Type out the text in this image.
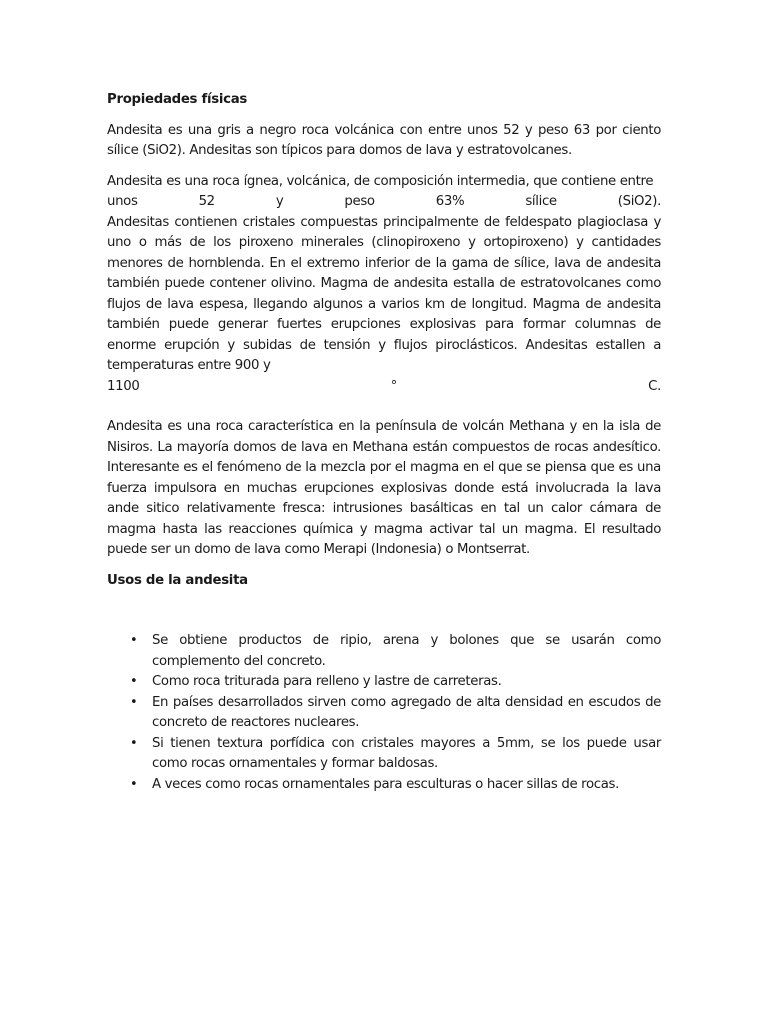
Propiedades físicas

Andesita es una gris a negro roca volcánica con entre unos 52 y peso 63 por ciento sílice (SiO2). Andesitas son típicos para domos de lava y estratovolcanes.

Andesita es una roca ígnea, volcánica, de composición intermedia, que contiene entre
unos 52 y peso 63% sílice (SiO2).
Andesitas contienen cristales compuestas principalmente de feldespato plagioclasa y uno o más de los piroxeno minerales (clinopiroxeno y ortopiroxeno) y cantidades menores de hornblenda. En el extremo inferior de la gama de sílice, lava de andesita también puede contener olivino. Magma de andesita estalla de estratovolcanes como flujos de lava espesa, llegando algunos a varios km de longitud. Magma de andesita también puede generar fuertes erupciones explosivas para formar columnas de enorme erupción y subidas de tensión y flujos piroclásticos. Andesitas estallen a temperaturas entre 900 y
1100 ° C.

Andesita es una roca característica en la península de volcán Methana y en la isla de Nisiros. La mayoría domos de lava en Methana están compuestos de rocas andesítico. Interesante es el fenómeno de la mezcla por el magma en el que se piensa que es una fuerza impulsora en muchas erupciones explosivas donde está involucrada la lava ande sitico relativamente fresca: intrusiones basálticas en tal un calor cámara de magma hasta las reacciones química y magma activar tal un magma. El resultado puede ser un domo de lava como Merapi (Indonesia) o Montserrat.

Usos de la andesita
• Se obtiene productos de ripio, arena y bolones que se usarán como complemento del concreto.
• Como roca triturada para relleno y lastre de carreteras.
• En países desarrollados sirven como agregado de alta densidad en escudos de concreto de reactores nucleares.
• Si tienen textura porfídica con cristales mayores a 5mm, se los puede usar como rocas ornamentales y formar baldosas.
• A veces como rocas ornamentales para esculturas o hacer sillas de rocas.
